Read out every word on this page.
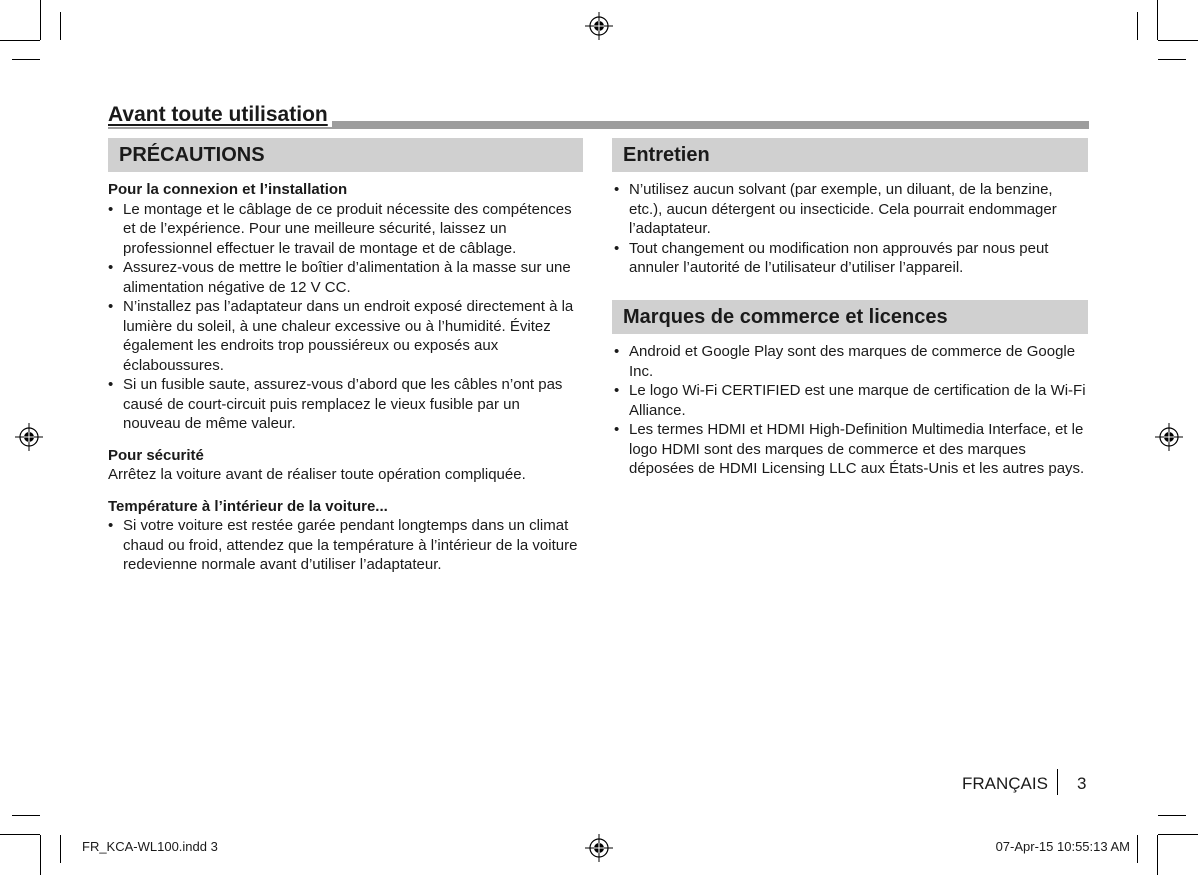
Avant toute utilisation
PRÉCAUTIONS

Pour la connexion et l’installation

• Le montage et le câblage de ce produit nécessite des compétences et de l’expérience. Pour une meilleure sécurité, laissez un professionnel effectuer le travail de montage et de câblage.
• Assurez-vous de mettre le boîtier d’alimentation à la masse sur une alimentation négative de 12 V CC.
• N’installez pas l’adaptateur dans un endroit exposé directement à la lumière du soleil, à une chaleur excessive ou à l’humidité. Évitez également les endroits trop poussiéreux ou exposés aux éclaboussures.
• Si un fusible saute, assurez-vous d’abord que les câbles n’ont pas causé de court-circuit puis remplacez le vieux fusible par un nouveau de même valeur.

Pour sécurité

Arrêtez la voiture avant de réaliser toute opération compliquée.

Température à l’intérieur de la voiture...

• Si votre voiture est restée garée pendant longtemps dans un climat chaud ou froid, attendez que la température à l’intérieur de la voiture redevienne normale avant d’utiliser l’adaptateur.
Entretien
• N’utilisez aucun solvant (par exemple, un diluant, de la benzine, etc.), aucun détergent ou insecticide. Cela pourrait endommager l’adaptateur.
• Tout changement ou modification non approuvés par nous peut annuler l’autorité de l’utilisateur d’utiliser l’appareil.
Marques de commerce et licences
• Android et Google Play sont des marques de commerce de Google Inc.
• Le logo Wi-Fi CERTIFIED est une marque de certification de la Wi-Fi Alliance.
• Les termes HDMI et HDMI High-Definition Multimedia Interface, et le logo HDMI sont des marques de commerce et des marques déposées de HDMI Licensing LLC aux États-Unis et les autres pays.
FRANÇAIS 3
FR_KCA-WL100.indd 3	07-Apr-15 10:55:13 AM
